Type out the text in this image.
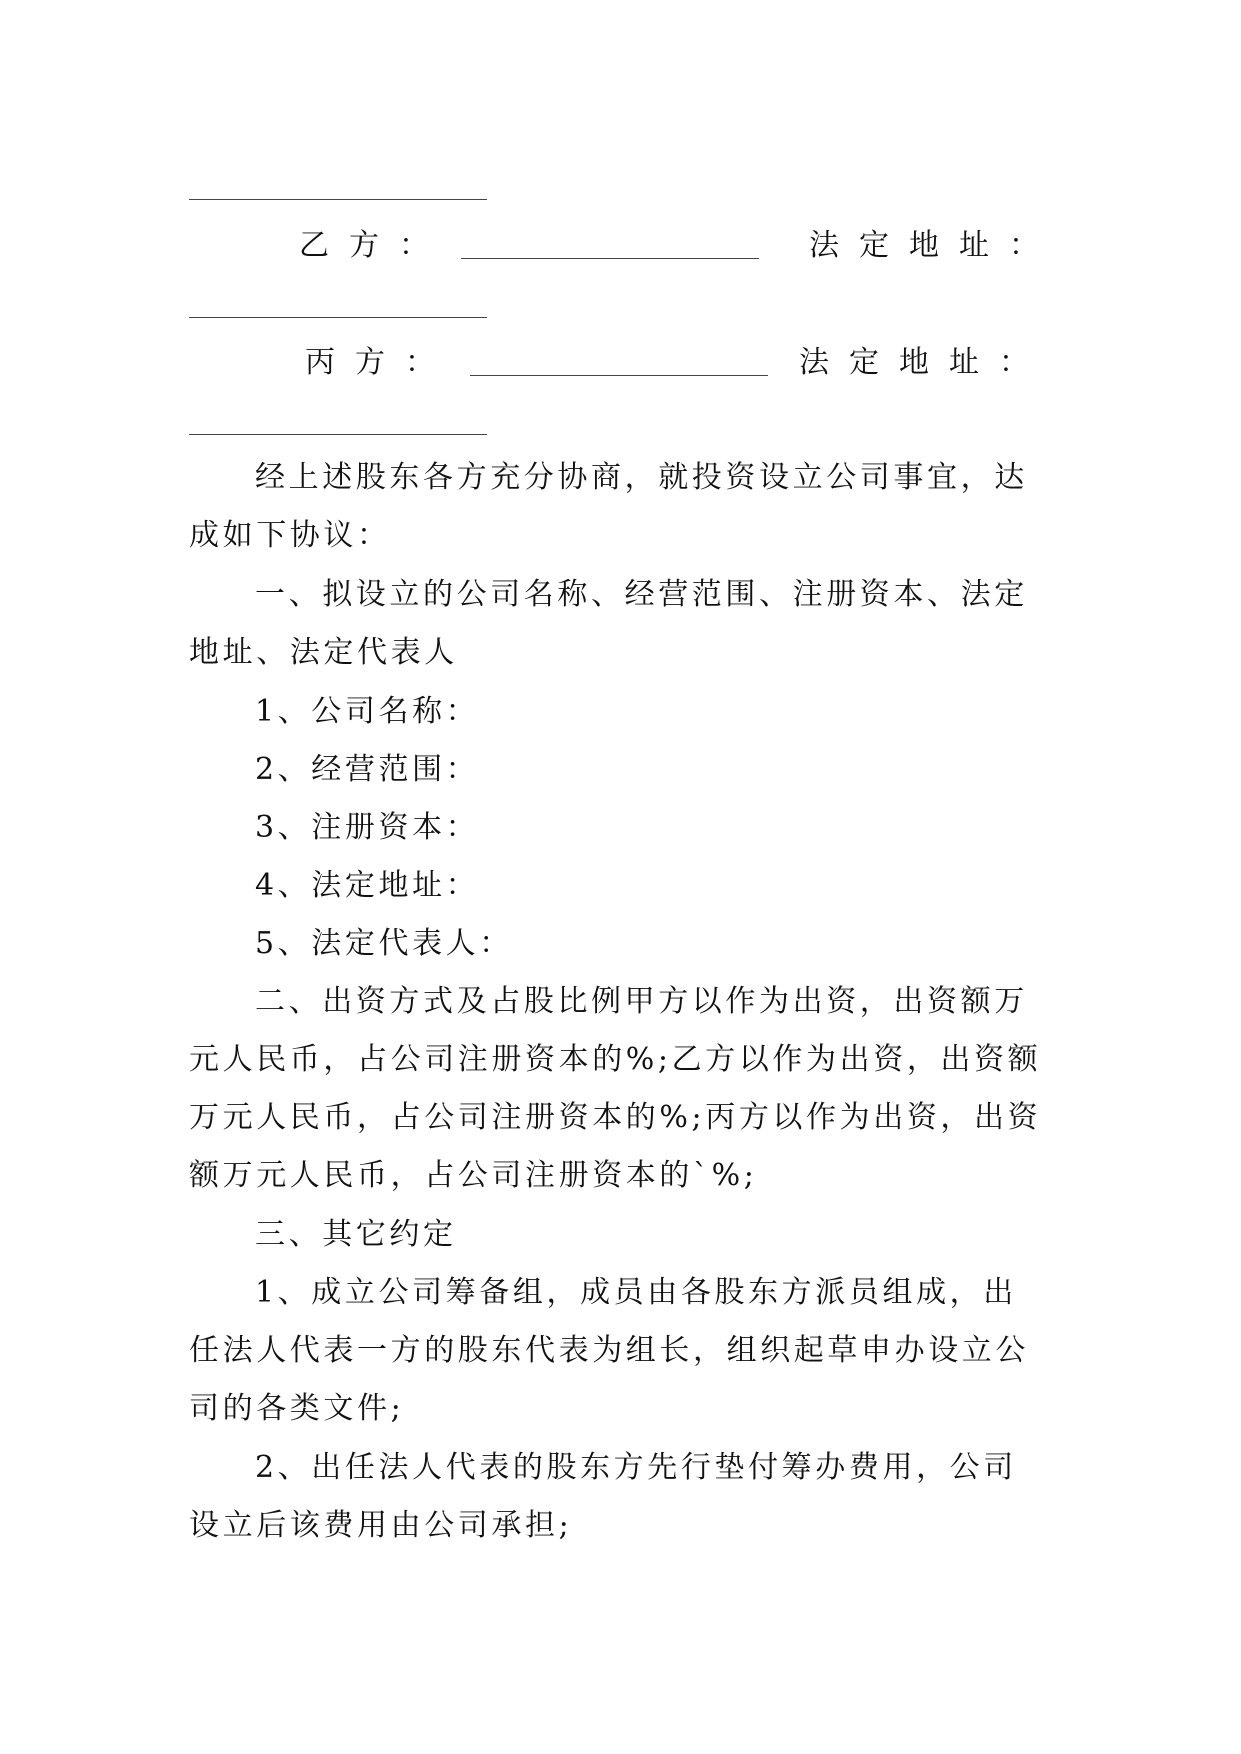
乙方：	法定地址：
丙方：	法定地址：

经上述股东各方充分协商，就投资设立公司事宜，达成如下协议：

一、拟设立的公司名称、经营范围、注册资本、法定地址、法定代表人

1、公司名称：
2、经营范围：
3、注册资本：
4、法定地址：
5、法定代表人：

二、出资方式及占股比例甲方以作为出资，出资额万元人民币，占公司注册资本的%;乙方以作为出资，出资额万元人民币，占公司注册资本的%;丙方以作为出资，出资额万元人民币，占公司注册资本的`%;

三、其它约定

1、成立公司筹备组，成员由各股东方派员组成，出任法人代表一方的股东代表为组长，组织起草申办设立公司的各类文件;

2、出任法人代表的股东方先行垫付筹办费用，公司设立后该费用由公司承担;
